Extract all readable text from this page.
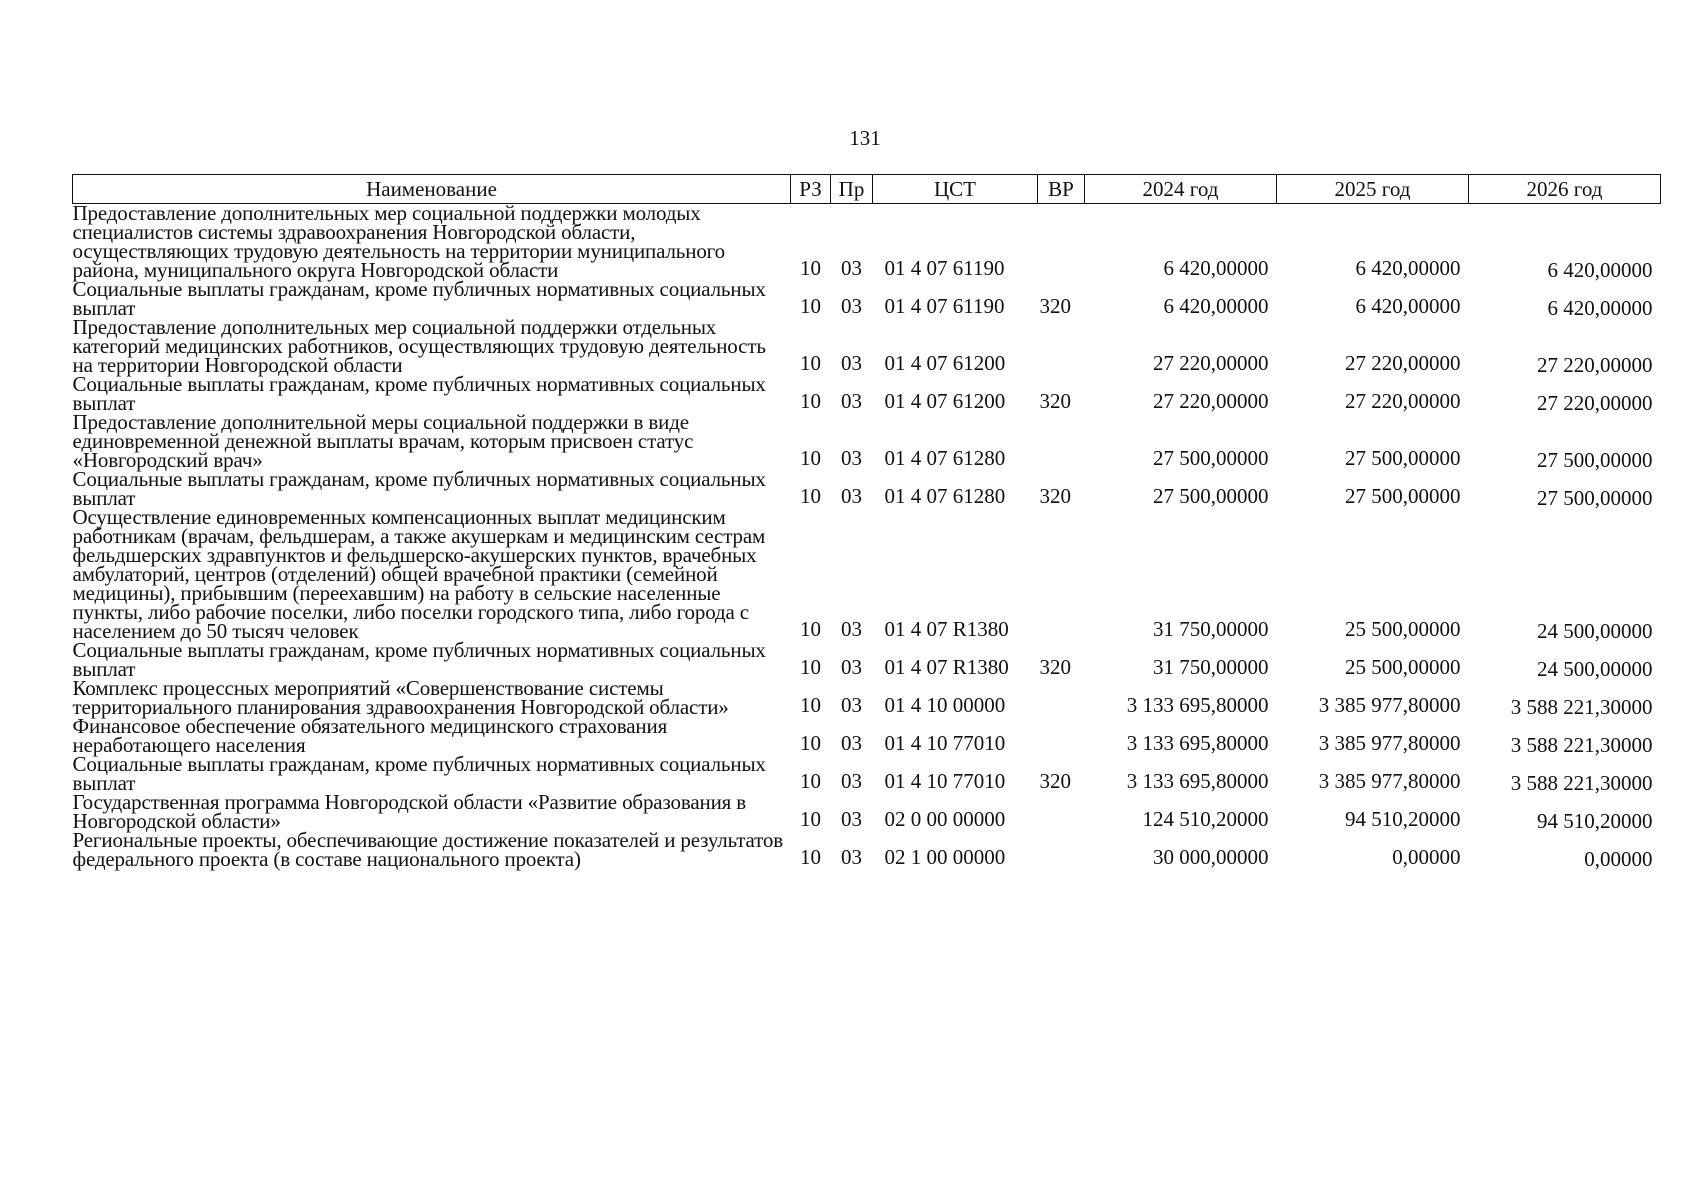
131
Наименование	РЗ	Пр	ЦСТ	ВР	2024 год	2025 год	2026 год
Предоставление дополнительных мер социальной поддержки молодых специалистов системы здравоохранения Новгородской области, осуществляющих трудовую деятельность на территории муниципального района, муниципального округа Новгородской области	10	03	01 4 07 61190		6 420,00000	6 420,00000	6 420,00000
Социальные выплаты гражданам, кроме публичных нормативных социальных выплат	10	03	01 4 07 61190	320	6 420,00000	6 420,00000	6 420,00000
Предоставление дополнительных мер социальной поддержки отдельных категорий медицинских работников, осуществляющих трудовую деятельность на территории Новгородской области	10	03	01 4 07 61200		27 220,00000	27 220,00000	27 220,00000
Социальные выплаты гражданам, кроме публичных нормативных социальных выплат	10	03	01 4 07 61200	320	27 220,00000	27 220,00000	27 220,00000
Предоставление дополнительной меры социальной поддержки в виде единовременной денежной выплаты врачам, которым присвоен статус «Новгородский врач»	10	03	01 4 07 61280		27 500,00000	27 500,00000	27 500,00000
Социальные выплаты гражданам, кроме публичных нормативных социальных выплат	10	03	01 4 07 61280	320	27 500,00000	27 500,00000	27 500,00000
Осуществление единовременных компенсационных выплат медицинским работникам (врачам, фельдшерам, а также акушеркам и медицинским сестрам фельдшерских здравпунктов и фельдшерско-акушерских пунктов, врачебных амбулаторий, центров (отделений) общей врачебной практики (семейной медицины), прибывшим (переехавшим) на работу в сельские населенные пункты, либо рабочие поселки, либо поселки городского типа, либо города с населением до 50 тысяч человек	10	03	01 4 07 R1380		31 750,00000	25 500,00000	24 500,00000
Социальные выплаты гражданам, кроме публичных нормативных социальных выплат	10	03	01 4 07 R1380	320	31 750,00000	25 500,00000	24 500,00000
Комплекс процессных мероприятий «Совершенствование системы территориального планирования здравоохранения Новгородской области»	10	03	01 4 10 00000		3 133 695,80000	3 385 977,80000	3 588 221,30000
Финансовое обеспечение обязательного медицинского страхования неработающего населения	10	03	01 4 10 77010		3 133 695,80000	3 385 977,80000	3 588 221,30000
Социальные выплаты гражданам, кроме публичных нормативных социальных выплат	10	03	01 4 10 77010	320	3 133 695,80000	3 385 977,80000	3 588 221,30000
Государственная программа Новгородской области «Развитие образования в Новгородской области»	10	03	02 0 00 00000		124 510,20000	94 510,20000	94 510,20000
Региональные проекты, обеспечивающие достижение показателей и результатов федерального проекта (в составе национального проекта)	10	03	02 1 00 00000		30 000,00000	0,00000	0,00000
